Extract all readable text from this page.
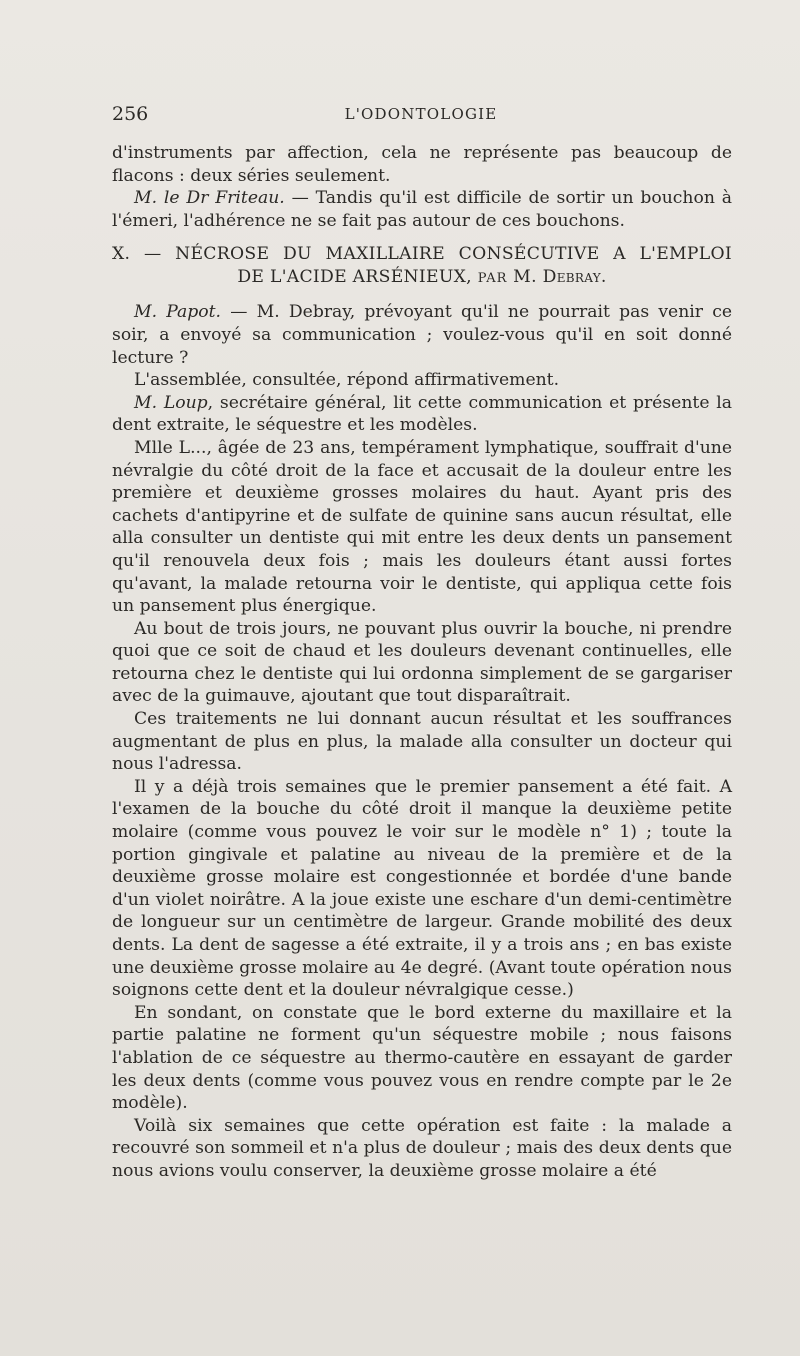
256	L'ODONTOLOGIE

d'instruments par affection, cela ne représente pas beaucoup de flacons : deux séries seulement.

M. le Dr Friteau. — Tandis qu'il est difficile de sortir un bouchon à l'émeri, l'adhérence ne se fait pas autour de ces bouchons.

X. — NÉCROSE DU MAXILLAIRE CONSÉCUTIVE A L'EMPLOI
DE L'ACIDE ARSÉNIEUX, PAR M. Debray.

M. Papot. — M. Debray, prévoyant qu'il ne pourrait pas venir ce soir, a envoyé sa communication ; voulez-vous qu'il en soit donné lecture ?

L'assemblée, consultée, répond affirmativement.

M. Loup, secrétaire général, lit cette communication et présente la dent extraite, le séquestre et les modèles.

Mlle L..., âgée de 23 ans, tempérament lymphatique, souffrait d'une névralgie du côté droit de la face et accusait de la douleur entre les première et deuxième grosses molaires du haut. Ayant pris des cachets d'antipyrine et de sulfate de quinine sans aucun résultat, elle alla consulter un dentiste qui mit entre les deux dents un pansement qu'il renouvela deux fois ; mais les douleurs étant aussi fortes qu'avant, la malade retourna voir le dentiste, qui appliqua cette fois un pansement plus énergique.

Au bout de trois jours, ne pouvant plus ouvrir la bouche, ni prendre quoi que ce soit de chaud et les douleurs devenant continuelles, elle retourna chez le dentiste qui lui ordonna simplement de se gargariser avec de la guimauve, ajoutant que tout disparaîtrait.

Ces traitements ne lui donnant aucun résultat et les souffrances augmentant de plus en plus, la malade alla consulter un docteur qui nous l'adressa.

Il y a déjà trois semaines que le premier pansement a été fait. A l'examen de la bouche du côté droit il manque la deuxième petite molaire (comme vous pouvez le voir sur le modèle n° 1) ; toute la portion gingivale et palatine au niveau de la première et de la deuxième grosse molaire est congestionnée et bordée d'une bande d'un violet noirâtre. A la joue existe une eschare d'un demi-centimètre de longueur sur un centimètre de largeur. Grande mobilité des deux dents. La dent de sagesse a été extraite, il y a trois ans ; en bas existe une deuxième grosse molaire au 4e degré. (Avant toute opération nous soignons cette dent et la douleur névralgique cesse.)

En sondant, on constate que le bord externe du maxillaire et la partie palatine ne forment qu'un séquestre mobile ; nous faisons l'ablation de ce séquestre au thermo-cautère en essayant de garder les deux dents (comme vous pouvez vous en rendre compte par le 2e modèle).

Voilà six semaines que cette opération est faite : la malade a recouvré son sommeil et n'a plus de douleur ; mais des deux dents que nous avions voulu conserver, la deuxième grosse molaire a été
